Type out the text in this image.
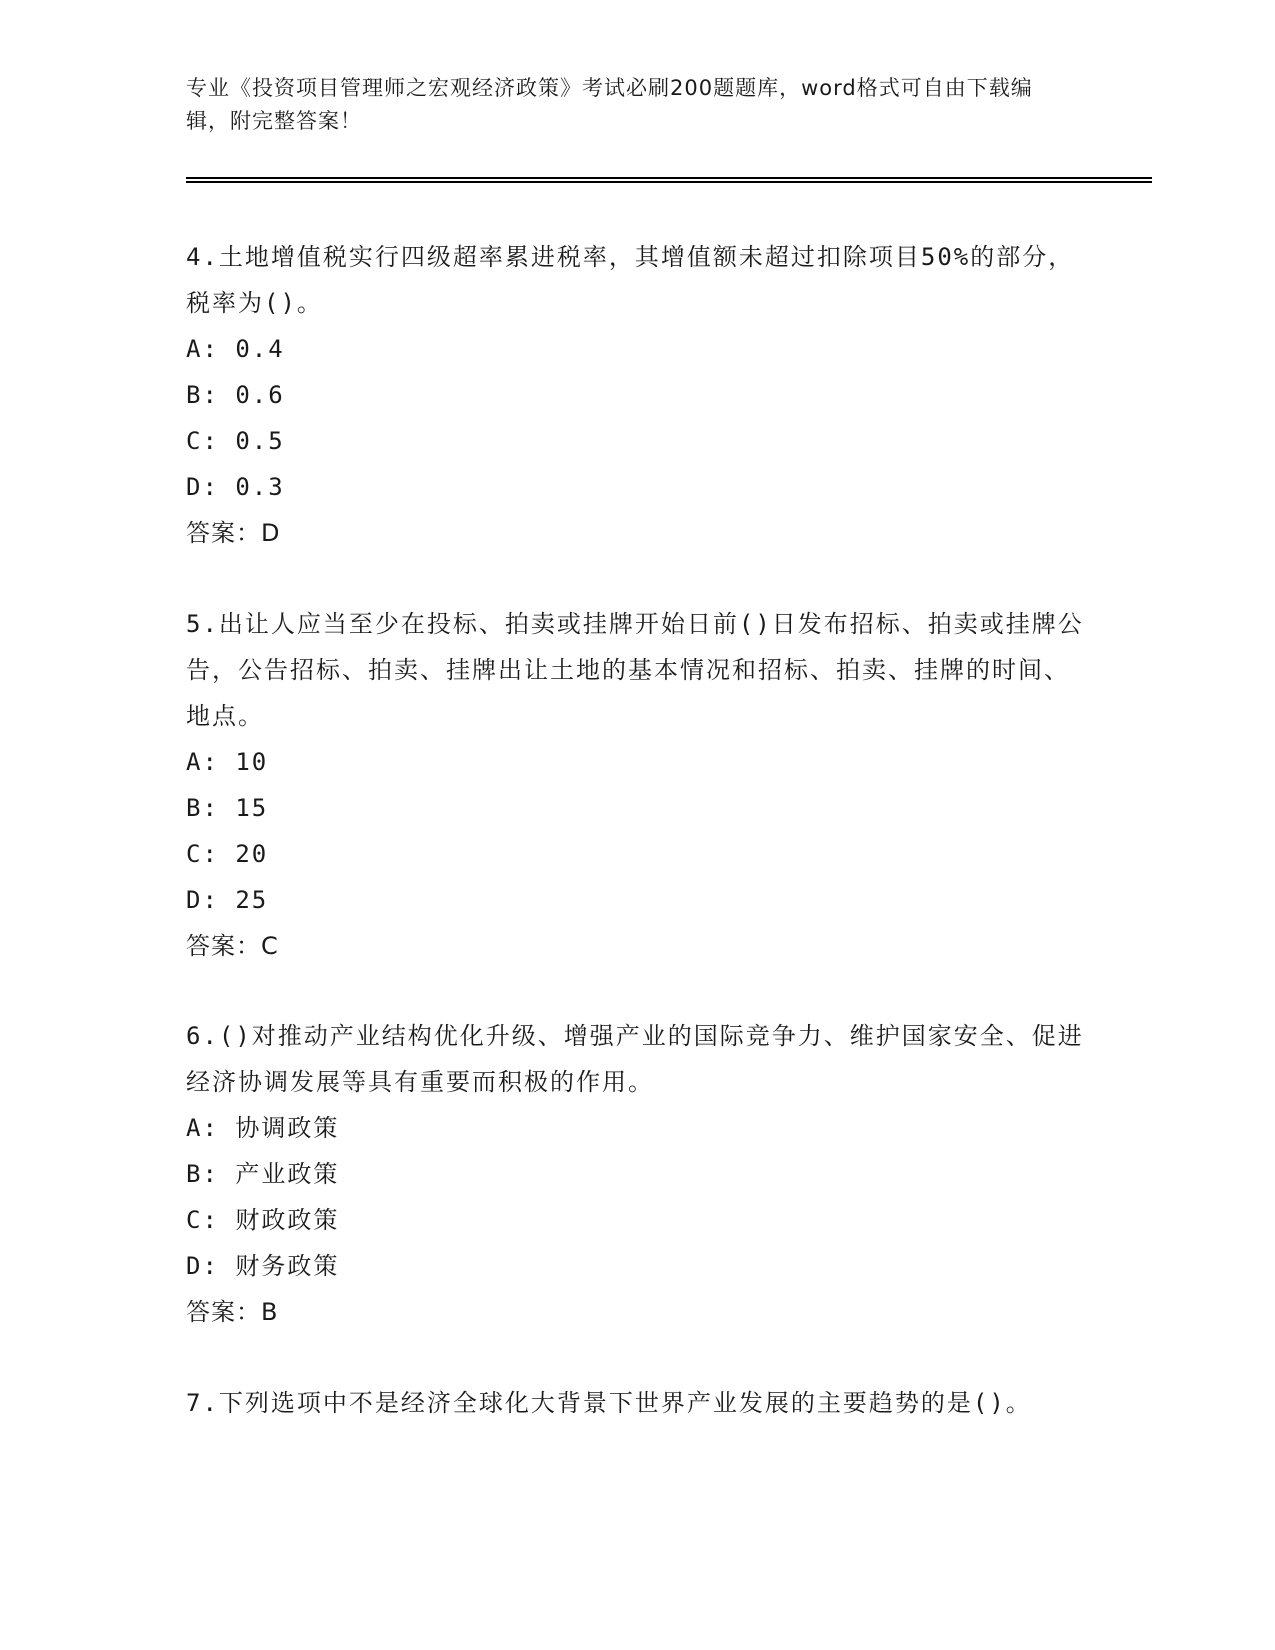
专业《投资项目管理师之宏观经济政策》考试必刷200题题库，word格式可自由下载编辑，附完整答案！

4.土地增值税实行四级超率累进税率，其增值额未超过扣除项目50%的部分，税率为()。

A: 0.4

B: 0.6

C: 0.5

D: 0.3

答案：D

5.出让人应当至少在投标、拍卖或挂牌开始日前()日发布招标、拍卖或挂牌公告，公告招标、拍卖、挂牌出让土地的基本情况和招标、拍卖、挂牌的时间、地点。

A: 10

B: 15

C: 20

D: 25

答案：C

6.()对推动产业结构优化升级、增强产业的国际竞争力、维护国家安全、促进经济协调发展等具有重要而积极的作用。

A: 协调政策

B: 产业政策

C: 财政政策

D: 财务政策

答案：B

7.下列选项中不是经济全球化大背景下世界产业发展的主要趋势的是()。
